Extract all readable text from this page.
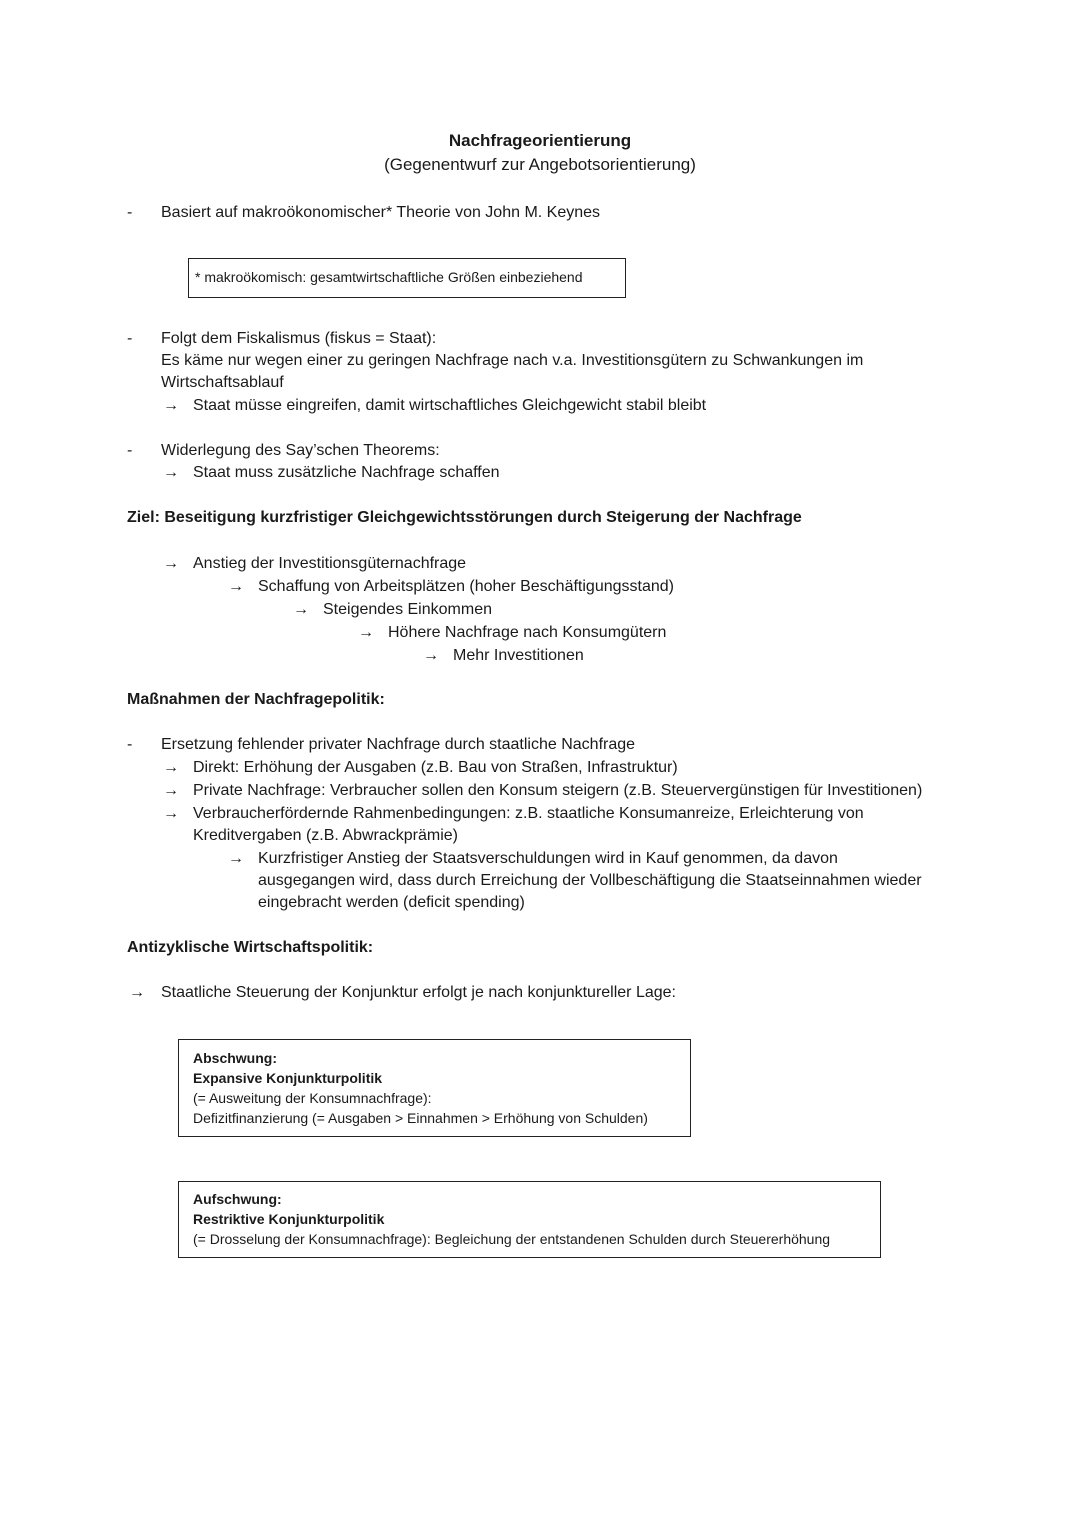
Nachfrageorientierung
(Gegenentwurf zur Angebotsorientierung)
- Basiert auf makroökonomischer* Theorie von John M. Keynes
* makroökomisch: gesamtwirtschaftliche Größen einbeziehend
- Folgt dem Fiskalismus (fiskus = Staat):
Es käme nur wegen einer zu geringen Nachfrage nach v.a. Investitionsgütern zu Schwankungen im
Wirtschaftsablauf
→ Staat müsse eingreifen, damit wirtschaftliches Gleichgewicht stabil bleibt
- Widerlegung des Say’schen Theorems:
→ Staat muss zusätzliche Nachfrage schaffen
Ziel: Beseitigung kurzfristiger Gleichgewichtsstörungen durch Steigerung der Nachfrage
→ Anstieg der Investitionsgüternachfrage
→ Schaffung von Arbeitsplätzen (hoher Beschäftigungsstand)
→ Steigendes Einkommen
→ Höhere Nachfrage nach Konsumgütern
→ Mehr Investitionen
Maßnahmen der Nachfragepolitik:
- Ersetzung fehlender privater Nachfrage durch staatliche Nachfrage
→ Direkt: Erhöhung der Ausgaben (z.B. Bau von Straßen, Infrastruktur)
→ Private Nachfrage: Verbraucher sollen den Konsum steigern (z.B. Steuervergünstigen für Investitionen)
→ Verbraucherfördernde Rahmenbedingungen: z.B. staatliche Konsumanreize, Erleichterung von
Kreditvergaben (z.B. Abwrackprämie)
→ Kurzfristiger Anstieg der Staatsverschuldungen wird in Kauf genommen, da davon
ausgegangen wird, dass durch Erreichung der Vollbeschäftigung die Staatseinnahmen wieder
eingebracht werden (deficit spending)
Antizyklische Wirtschaftspolitik:
→ Staatliche Steuerung der Konjunktur erfolgt je nach konjunktureller Lage:
Abschwung:
Expansive Konjunkturpolitik
(= Ausweitung der Konsumnachfrage):
Defizitfinanzierung (= Ausgaben > Einnahmen > Erhöhung von Schulden)
Aufschwung:
Restriktive Konjunkturpolitik
(= Drosselung der Konsumnachfrage): Begleichung der entstandenen Schulden durch Steuererhöhung
